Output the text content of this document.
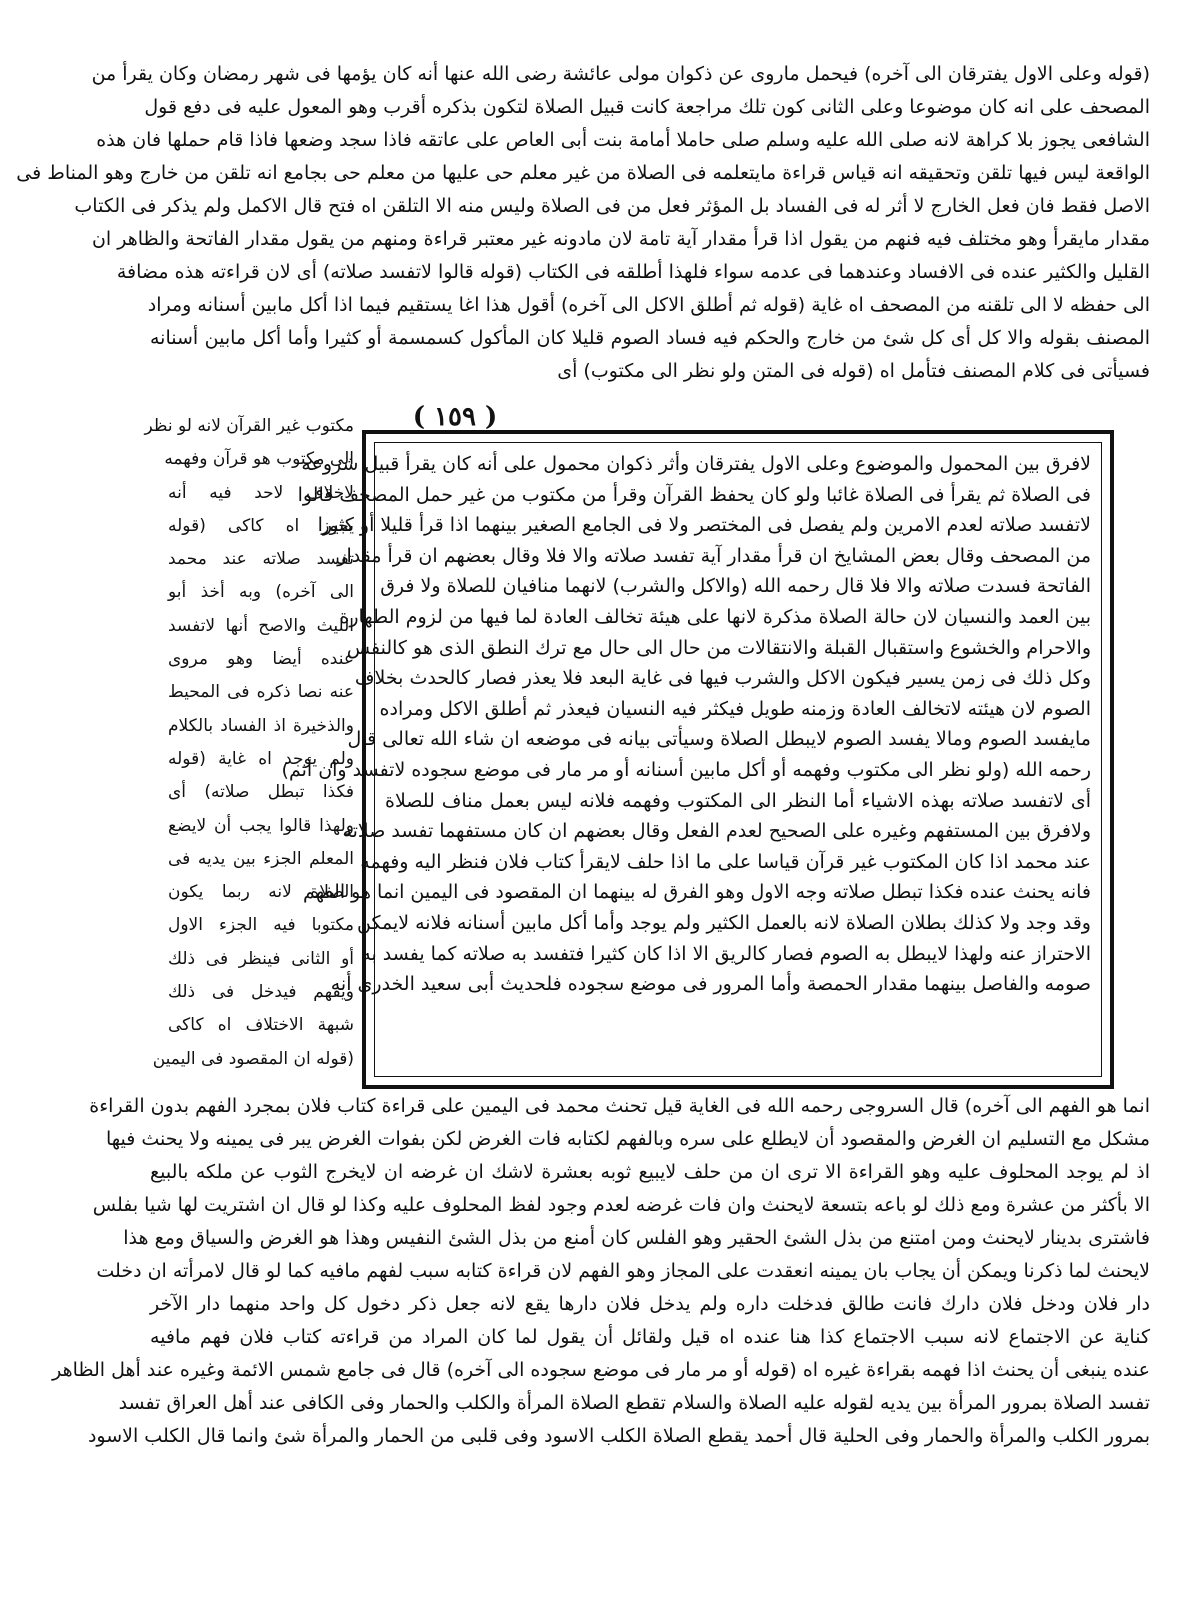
(قوله وعلى الاول يفترقان الى آخره) فيحمل ماروى عن ذكوان مولى عائشة رضى الله عنها أنه كان يؤمها فى شهر رمضان وكان يقرأ من
المصحف على انه كان موضوعا وعلى الثانى كون تلك مراجعة كانت قبيل الصلاة لتكون بذكره أقرب وهو المعول عليه فى دفع قول
الشافعى يجوز بلا كراهة لانه صلى الله عليه وسلم صلى حاملا أمامة بنت أبى العاص على عاتقه فاذا سجد وضعها فاذا قام حملها فان هذه
الواقعة ليس فيها تلقن وتحقيقه انه قياس قراءة مايتعلمه فى الصلاة من غير معلم حى عليها من معلم حى بجامع انه تلقن من خارج وهو المناط فى
الاصل فقط فان فعل الخارج لا أثر له فى الفساد بل المؤثر فعل من فى الصلاة وليس منه الا التلقن اه فتح قال الاكمل ولم يذكر فى الكتاب
مقدار مايقرأ وهو مختلف فيه فنهم من يقول اذا قرأ مقدار آية تامة لان مادونه غير معتبر قراءة ومنهم من يقول مقدار الفاتحة والظاهر ان
القليل والكثير عنده فى الافساد وعندهما فى عدمه سواء فلهذا أطلقه فى الكتاب (قوله قالوا لاتفسد صلاته) أى لان قراءته هذه مضافة
الى حفظه لا الى تلقنه من المصحف اه غاية (قوله ثم أطلق الاكل الى آخره) أقول هذا اغا يستقيم فيما اذا أكل مابين أسنانه ومراد
المصنف بقوله والا كل أى كل شئ من خارج والحكم فيه فساد الصوم قليلا كان المأكول كسمسمة أو كثيرا وأما أكل مابين أسنانه
فسيأتى فى كلام المصنف فتأمل اه (قوله فى المتن ولو نظر الى مكتوب) أى
( ١٥٩ )
لافرق بين المحمول والموضوع وعلى الاول يفترقان وأثر ذكوان محمول على أنه كان يقرأ قبيل شروعه
فى الصلاة ثم يقرأ فى الصلاة غائبا ولو كان يحفظ القرآن وقرأ من مكتوب من غير حمل المصحف قالوا
لاتفسد صلاته لعدم الامرين ولم يفصل فى المختصر ولا فى الجامع الصغير بينهما اذا قرأ قليلا أو كثيرا
من المصحف وقال بعض المشايخ ان قرأ مقدار آية تفسد صلاته والا فلا وقال بعضهم ان قرأ مقدار
الفاتحة فسدت صلاته والا فلا قال رحمه الله (والاكل والشرب) لانهما منافيان للصلاة ولا فرق
بين العمد والنسيان لان حالة الصلاة مذكرة لانها على هيئة تخالف العادة لما فيها من لزوم الطهارة
والاحرام والخشوع واستقبال القبلة والانتقالات من حال الى حال مع ترك النطق الذى هو كالنفس
وكل ذلك فى زمن يسير فيكون الاكل والشرب فيها فى غاية البعد فلا يعذر فصار كالحدث بخلاف
الصوم لان هيئته لاتخالف العادة وزمنه طويل فيكثر فيه النسيان فيعذر ثم أطلق الاكل ومراده
مايفسد الصوم ومالا يفسد الصوم لايبطل الصلاة وسيأتى بيانه فى موضعه ان شاء الله تعالى قال
رحمه الله (ولو نظر الى مكتوب وفهمه أو أكل مابين أسنانه أو مر مار فى موضع سجوده لاتفسد وان أثم)
أى لاتفسد صلاته بهذه الاشياء أما النظر الى المكتوب وفهمه فلانه ليس بعمل مناف للصلاة
ولافرق بين المستفهم وغيره على الصحيح لعدم الفعل وقال بعضهم ان كان مستفهما تفسد صلاته
عند محمد اذا كان المكتوب غير قرآن قياسا على ما اذا حلف لايقرأ كتاب فلان فنظر اليه وفهمه
فانه يحنث عنده فكذا تبطل صلاته وجه الاول وهو الفرق له بينهما ان المقصود فى اليمين انما هو الفهم
وقد وجد ولا كذلك بطلان الصلاة لانه بالعمل الكثير ولم يوجد وأما أكل مابين أسنانه فلانه لايمكن
الاحتراز عنه ولهذا لايبطل به الصوم فصار كالريق الا اذا كان كثيرا فتفسد به صلاته كما يفسد به
صومه والفاصل بينهما مقدار الحمصة وأما المرور فى موضع سجوده فلحديث أبى سعيد الخدرى أنه
مكتوب غير القرآن لانه لو نظر
الى مكتوب هو قرآن وفهمه
لاخلاف لاحد فيه أنه
يجوز اه كاكى (قوله
تفسد صلاته عند محمد
الى آخره) وبه أخذ أبو
الليث والاصح أنها لاتفسد
عنده أيضا وهو مروى
عنه نصا ذكره فى المحيط
والذخيرة اذ الفساد بالكلام
ولم يوجد اه غاية (قوله
فكذا تبطل صلاته) أى
ولهذا قالوا يجب أن لايضع
المعلم الجزء بين يديه فى
الصلاة لانه ربما يكون
مكتوبا فيه الجزء الاول
أو الثانى فينظر فى ذلك
ويفهم فيدخل فى ذلك
شبهة الاختلاف اه كاكى
(قوله ان المقصود فى اليمين
انما هو الفهم الى آخره) قال السروجى رحمه الله فى الغاية قيل تحنث محمد فى اليمين على قراءة كتاب فلان بمجرد الفهم بدون القراءة
مشكل مع التسليم ان الغرض والمقصود أن لايطلع على سره وبالفهم لكتابه فات الغرض لكن بفوات الغرض يبر فى يمينه ولا يحنث فيها
اذ لم يوجد المحلوف عليه وهو القراءة الا ترى ان من حلف لايبيع ثوبه بعشرة لاشك ان غرضه ان لايخرج الثوب عن ملكه بالبيع
الا بأكثر من عشرة ومع ذلك لو باعه بتسعة لايحنث وان فات غرضه لعدم وجود لفظ المحلوف عليه وكذا لو قال ان اشتريت لها شيا بفلس
فاشترى بدينار لايحنث ومن امتنع من بذل الشئ الحقير وهو الفلس كان أمنع من بذل الشئ النفيس وهذا هو الغرض والسياق ومع هذا
لايحنث لما ذكرنا ويمكن أن يجاب بان يمينه انعقدت على المجاز وهو الفهم لان قراءة كتابه سبب لفهم مافيه كما لو قال لامرأته ان دخلت
دار فلان ودخل فلان دارك فانت طالق فدخلت داره ولم يدخل فلان دارها يقع لانه جعل ذكر دخول كل واحد منهما دار الآخر
كناية عن الاجتماع لانه سبب الاجتماع كذا هنا عنده اه قيل ولقائل أن يقول لما كان المراد من قراءته كتاب فلان فهم مافيه
عنده ينبغى أن يحنث اذا فهمه بقراءة غيره اه (قوله أو مر مار فى موضع سجوده الى آخره) قال فى جامع شمس الائمة وغيره عند أهل الظاهر
تفسد الصلاة بمرور المرأة بين يديه لقوله عليه الصلاة والسلام تقطع الصلاة المرأة والكلب والحمار وفى الكافى عند أهل العراق تفسد
بمرور الكلب والمرأة والحمار وفى الحلية قال أحمد يقطع الصلاة الكلب الاسود وفى قلبى من الحمار والمرأة شئ وانما قال الكلب الاسود
